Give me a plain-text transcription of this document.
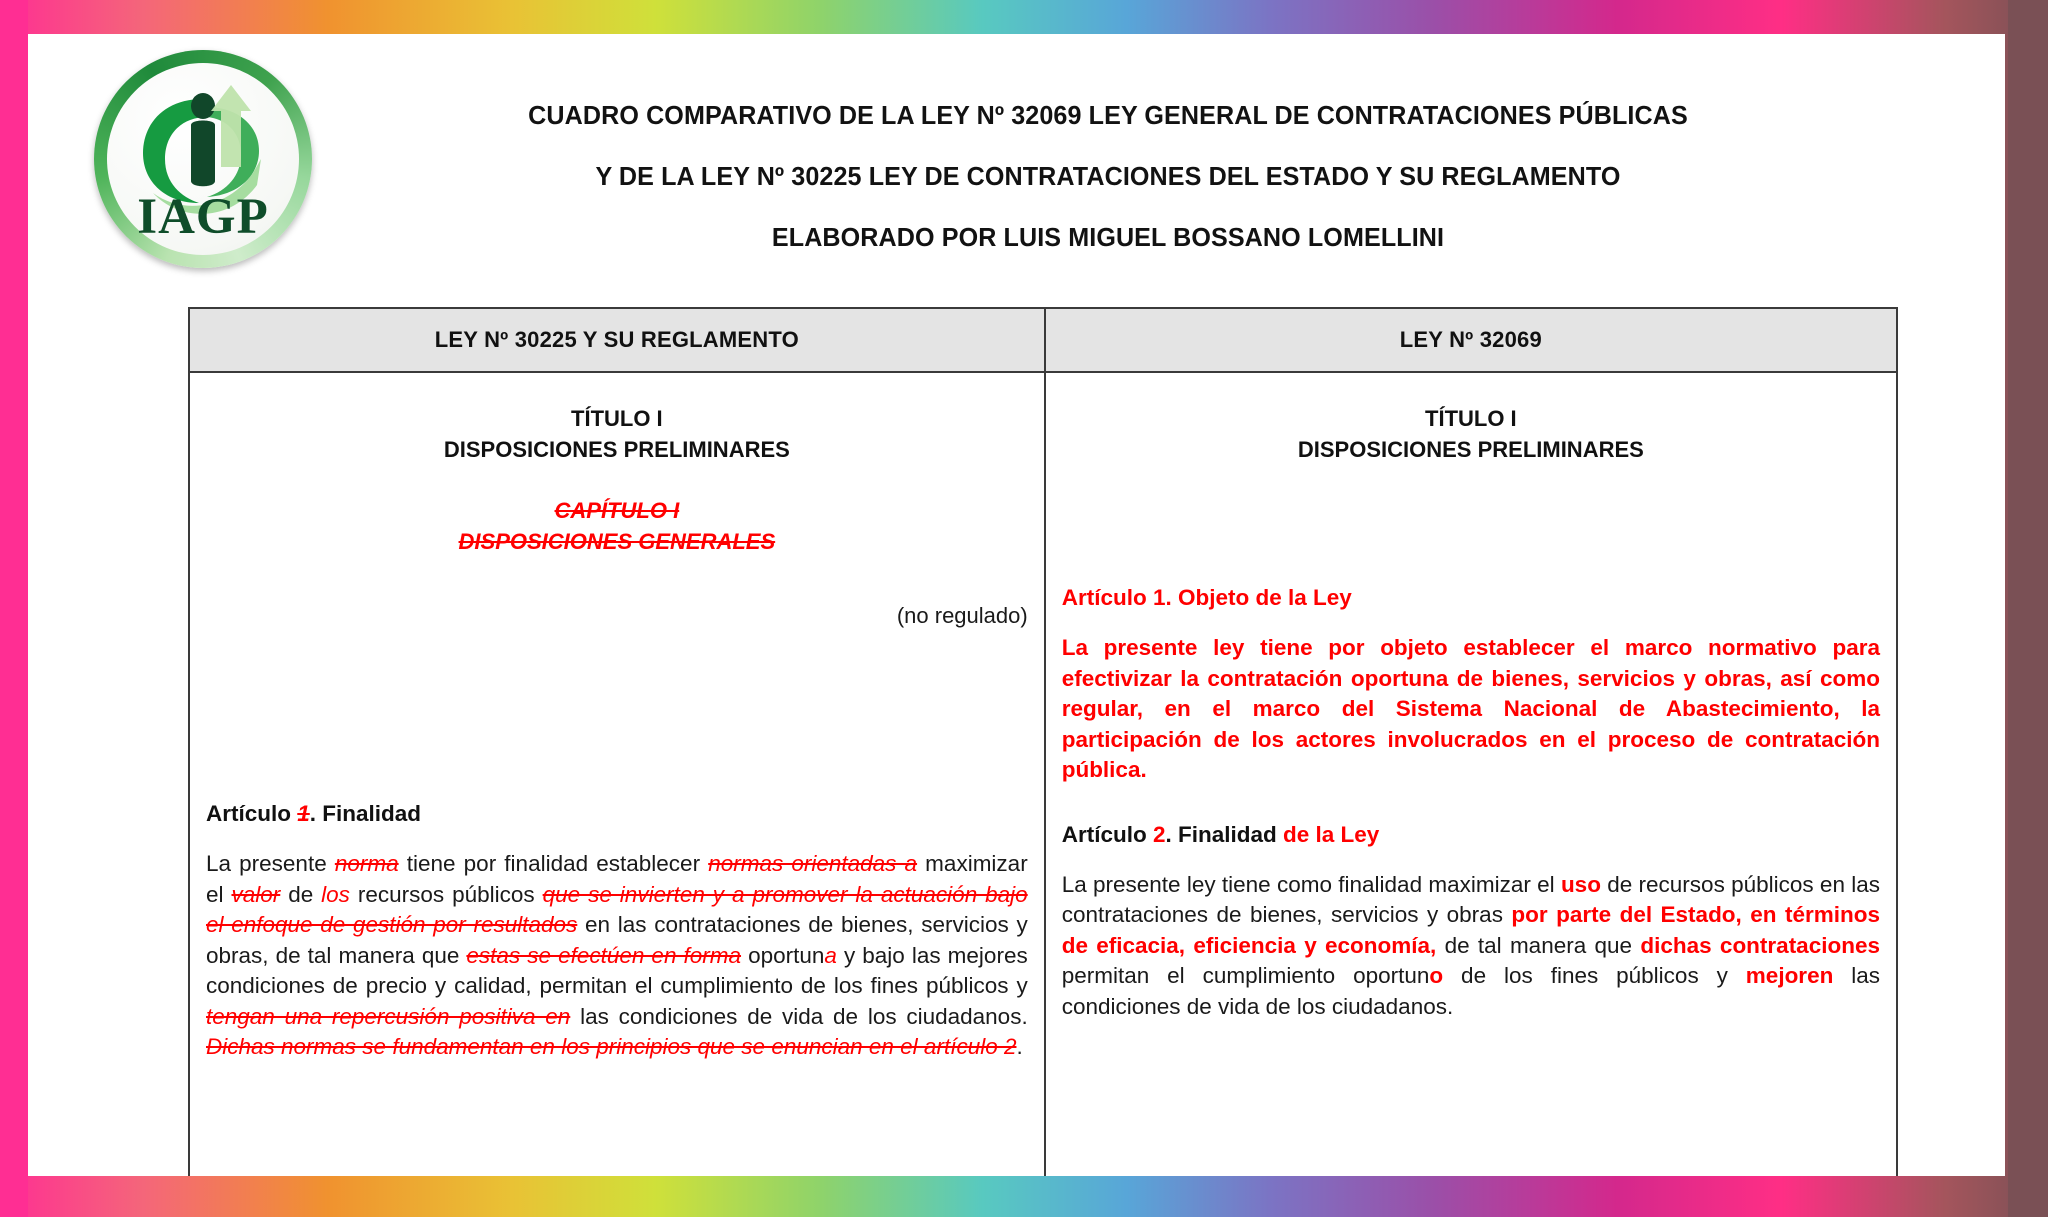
IAGP
CUADRO COMPARATIVO DE LA LEY Nº 32069 LEY GENERAL DE CONTRATACIONES PÚBLICAS
Y DE LA LEY Nº 30225 LEY DE CONTRATACIONES DEL ESTADO Y SU REGLAMENTO
ELABORADO POR LUIS MIGUEL BOSSANO LOMELLINI
LEY Nº 30225 Y SU REGLAMENTO	LEY Nº 32069

TÍTULO I
DISPOSICIONES PRELIMINARES
CAPÍTULO I
DISPOSICIONES GENERALES
(no regulado)
Artículo 1. Finalidad
La presente norma tiene por finalidad establecer normas orientadas a maximizar el valor de los recursos públicos que se invierten y a promover la actuación bajo el enfoque de gestión por resultados en las contrataciones de bienes, servicios y obras, de tal manera que estas se efectúen en forma oportuna y bajo las mejores condiciones de precio y calidad, permitan el cumplimiento de los fines públicos y tengan una repercusión positiva en las condiciones de vida de los ciudadanos. Dichas normas se fundamentan en los principios que se enuncian en el artículo 2.

TÍTULO I
DISPOSICIONES PRELIMINARES
Artículo 1. Objeto de la Ley
La presente ley tiene por objeto establecer el marco normativo para efectivizar la contratación oportuna de bienes, servicios y obras, así como regular, en el marco del Sistema Nacional de Abastecimiento, la participación de los actores involucrados en el proceso de contratación pública.
Artículo 2. Finalidad de la Ley
La presente ley tiene como finalidad maximizar el uso de recursos públicos en las contrataciones de bienes, servicios y obras por parte del Estado, en términos de eficacia, eficiencia y economía, de tal manera que dichas contrataciones permitan el cumplimiento oportuno de los fines públicos y mejoren las condiciones de vida de los ciudadanos.
